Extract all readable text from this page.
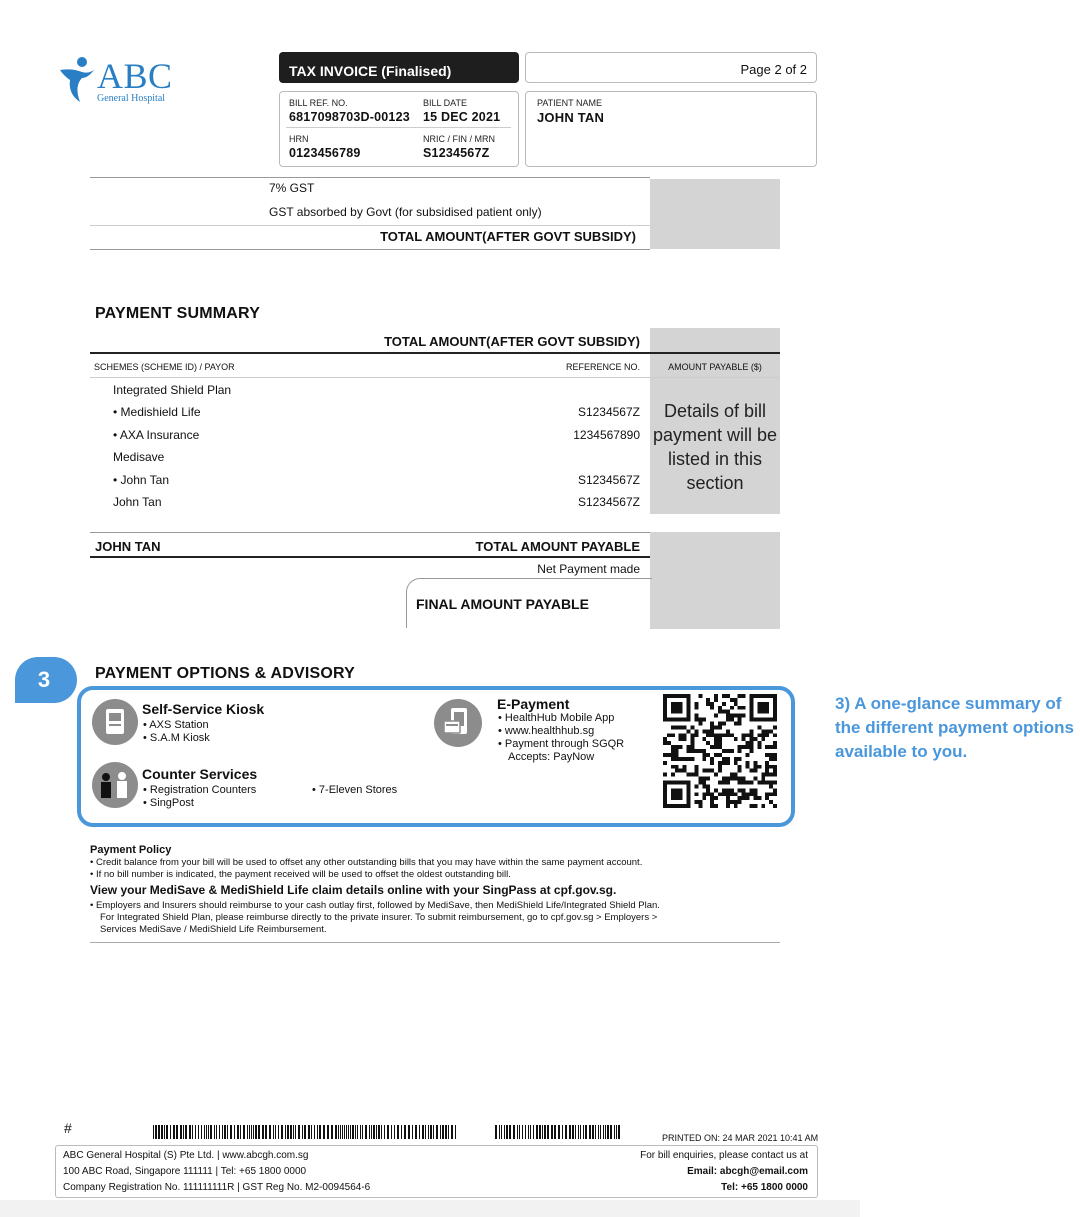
ABC
General Hospital
TAX INVOICE (Finalised)	Page 2 of 2
BILL REF. NO.
6817098703D-00123
BILL DATE
15 DEC 2021
HRN
0123456789
NRIC / FIN / MRN
S1234567Z
PATIENT NAME
JOHN TAN
7% GST
GST absorbed by Govt (for subsidised patient only)
TOTAL AMOUNT(AFTER GOVT SUBSIDY)
PAYMENT SUMMARY
TOTAL AMOUNT(AFTER GOVT SUBSIDY)
SCHEMES (SCHEME ID) / PAYOR	REFERENCE NO.	AMOUNT PAYABLE ($)
Integrated Shield Plan
• Medishield Life	S1234567Z
• AXA Insurance	1234567890
Medisave
• John Tan	S1234567Z
John Tan	S1234567Z
Details of bill payment will be listed in this section
JOHN TAN	TOTAL AMOUNT PAYABLE
Net Payment made
FINAL AMOUNT PAYABLE
3	PAYMENT OPTIONS & ADVISORY
Self-Service Kiosk
• AXS Station
• S.A.M Kiosk
Counter Services
• Registration Counters
• SingPost
• 7-Eleven Stores
E-Payment
• HealthHub Mobile App
• www.healthhub.sg
• Payment through SGQR
Accepts: PayNow
3) A one-glance summary of the different payment options available to you.
Payment Policy
• Credit balance from your bill will be used to offset any other outstanding bills that you may have within the same payment account.
• If no bill number is indicated, the payment received will be used to offset the oldest outstanding bill.
View your MediSave & MediShield Life claim details online with your SingPass at cpf.gov.sg.
• Employers and Insurers should reimburse to your cash outlay first, followed by MediSave, then MediShield Life/Integrated Shield Plan.
For Integrated Shield Plan, please reimburse directly to the private insurer. To submit reimbursement, go to cpf.gov.sg > Employers >
Services MediSave / MediShield Life Reimbursement.
#
PRINTED ON: 24 MAR 2021 10:41 AM
ABC General Hospital (S) Pte Ltd. | www.abcgh.com.sg
100 ABC Road, Singapore 111111 | Tel: +65 1800 0000
Company Registration No. 111111111R | GST Reg No. M2-0094564-6
For bill enquiries, please contact us at
Email: abcgh@email.com
Tel: +65 1800 0000
